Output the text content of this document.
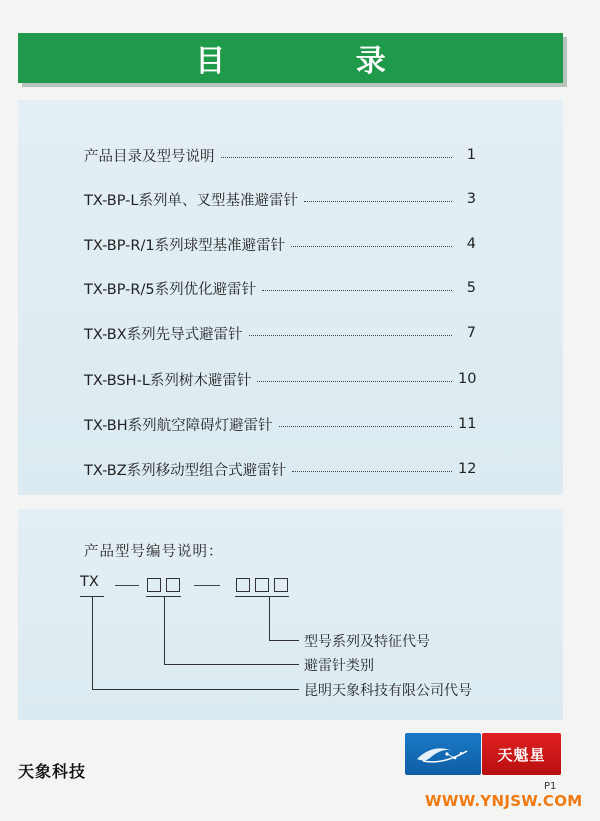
目 录
产品目录及型号说明	1
TX-BP-L系列单、叉型基准避雷针	3
TX-BP-R/1系列球型基准避雷针	4
TX-BP-R/5系列优化避雷针	5
TX-BX系列先导式避雷针	7
TX-BSH-L系列树木避雷针	10
TX-BH系列航空障碍灯避雷针	11
TX-BZ系列移动型组合式避雷针	12
产品型号编号说明：
TX
型号系列及特征代号
避雷针类别
昆明天象科技有限公司代号
天象科技
天魁星
P1
WWW.YNJSW.COM
